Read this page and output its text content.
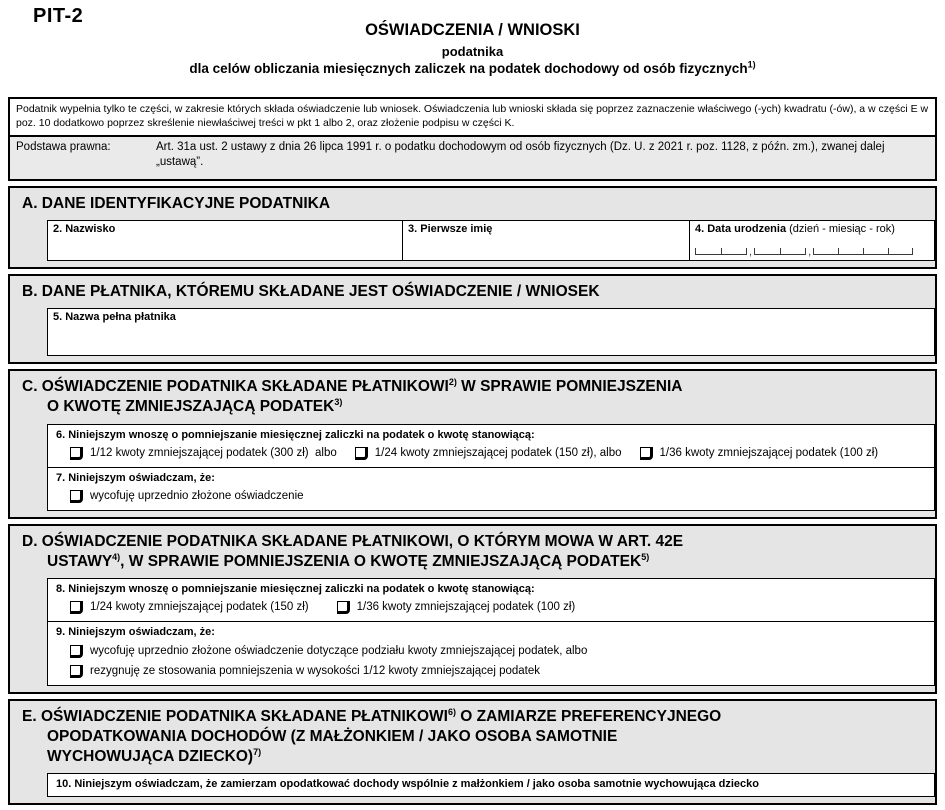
PIT-2
OŚWIADCZENIA / WNIOSKI
podatnika
dla celów obliczania miesięcznych zaliczek na podatek dochodowy od osób fizycznych$^{1)}$
Podatnik wypełnia tylko te części, w zakresie których składa oświadczenie lub wniosek. Oświadczenia lub wnioski składa się poprzez zaznaczenie właściwego (-ych) kwadratu (-ów), a w części E w poz. 10 dodatkowo poprzez skreślenie niewłaściwej treści w pkt 1 albo 2, oraz złożenie podpisu w części K.
Podstawa prawna:	Art. 31a ust. 2 ustawy z dnia 26 lipca 1991 r. o podatku dochodowym od osób fizycznych (Dz. U. z 2021 r. poz. 1128, z późn. zm.), zwanej dalej „ustawą”.
A. DANE IDENTYFIKACYJNE PODATNIKA
2. Nazwisko	3. Pierwsze imię	4. Data urodzenia (dzień - miesiąc - rok)
,	,
B. DANE PŁATNIKA, KTÓREMU SKŁADANE JEST OŚWIADCZENIE / WNIOSEK
5. Nazwa pełna płatnika
C. OŚWIADCZENIE PODATNIKA SKŁADANE PŁATNIKOWI$^{2)}$ W SPRAWIE POMNIEJSZENIA
O KWOTĘ ZMNIEJSZAJĄCĄ PODATEK$^{3)}$
6. Niniejszym wnoszę o pomniejszanie miesięcznej zaliczki na podatek o kwotę stanowiącą:
1/12 kwoty zmniejszającej podatek (300 zł)  albo	1/24 kwoty zmniejszającej podatek (150 zł), albo	1/36 kwoty zmniejszającej podatek (100 zł)
7. Niniejszym oświadczam, że:
wycofuję uprzednio złożone oświadczenie
D. OŚWIADCZENIE PODATNIKA SKŁADANE PŁATNIKOWI, O KTÓRYM MOWA W ART. 42E
USTAWY$^{4)}$, W SPRAWIE POMNIEJSZENIA O KWOTĘ ZMNIEJSZAJĄCĄ PODATEK$^{5)}$
8. Niniejszym wnoszę o pomniejszanie miesięcznej zaliczki na podatek o kwotę stanowiącą:
1/24 kwoty zmniejszającej podatek (150 zł)	1/36 kwoty zmniejszającej podatek (100 zł)
9. Niniejszym oświadczam, że:
wycofuję uprzednio złożone oświadczenie dotyczące podziału kwoty zmniejszającej podatek, albo
rezygnuję ze stosowania pomniejszenia w wysokości 1/12 kwoty zmniejszającej podatek
E. OŚWIADCZENIE PODATNIKA SKŁADANE PŁATNIKOWI$^{6)}$ O ZAMIARZE PREFERENCYJNEGO
OPODATKOWANIA DOCHODÓW (Z MAŁŻONKIEM / JAKO OSOBA SAMOTNIE
WYCHOWUJĄCA DZIECKO)$^{7)}$
10. Niniejszym oświadczam, że zamierzam opodatkować dochody wspólnie z małżonkiem / jako osoba samotnie wychowująca dziecko
